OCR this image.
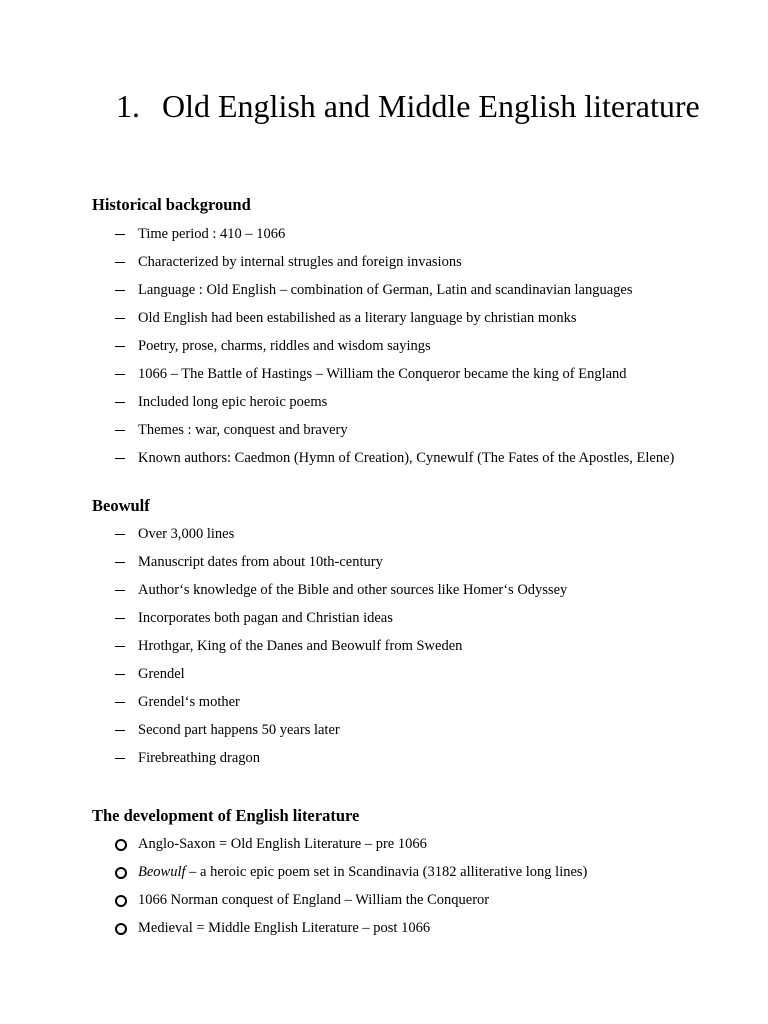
1. Old English and Middle English literature
Historical background
Time period : 410 – 1066
Characterized by internal strugles and foreign invasions
Language : Old English – combination of German, Latin and scandinavian languages
Old English had been estabilished as a literary language by christian monks
Poetry, prose, charms, riddles and wisdom sayings
1066 – The Battle of Hastings – William the Conqueror became the king of England
Included long epic heroic poems
Themes : war, conquest and bravery
Known authors: Caedmon (Hymn of Creation), Cynewulf (The Fates of the Apostles, Elene)
Beowulf
Over 3,000 lines
Manuscript dates from about 10th-century
Author‘s knowledge of the Bible and other sources like Homer‘s Odyssey
Incorporates both pagan and Christian ideas
Hrothgar, King of the Danes and Beowulf from Sweden
Grendel
Grendel‘s mother
Second part happens 50 years later
Firebreathing dragon
The development of English literature
Anglo-Saxon = Old English Literature – pre 1066
Beowulf – a heroic epic poem set in Scandinavia (3182 alliterative long lines)
1066 Norman conquest of England – William the Conqueror
Medieval = Middle English Literature – post 1066
